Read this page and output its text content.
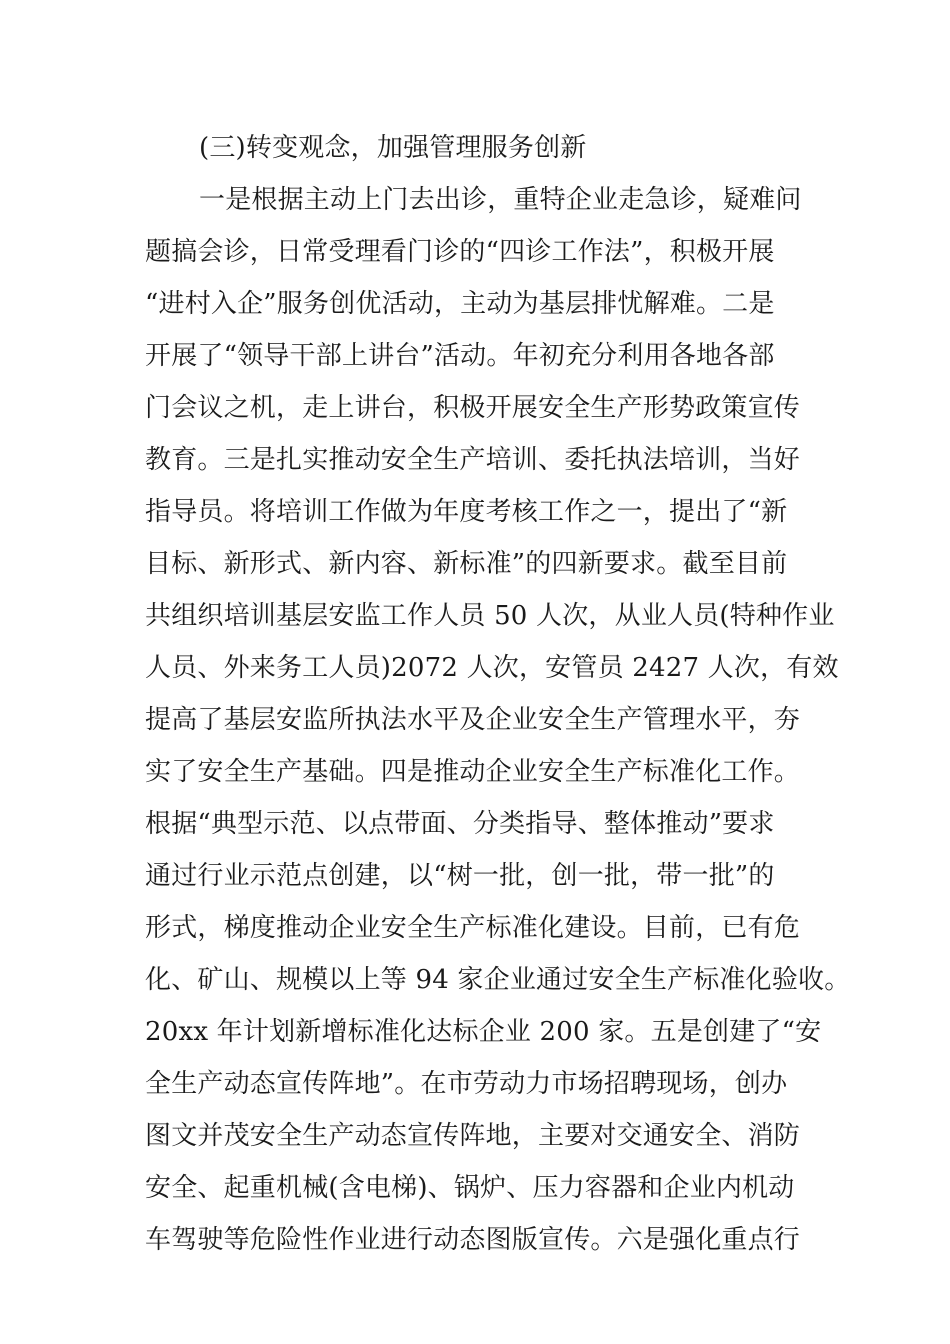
(三)转变观念，加强管理服务创新
一是根据主动上门去出诊，重特企业走急诊，疑难问
题搞会诊，日常受理看门诊的“四诊工作法”，积极开展
“进村入企”服务创优活动，主动为基层排忧解难。二是
开展了“领导干部上讲台”活动。年初充分利用各地各部
门会议之机，走上讲台，积极开展安全生产形势政策宣传
教育。三是扎实推动安全生产培训、委托执法培训，当好
指导员。将培训工作做为年度考核工作之一，提出了“新
目标、新形式、新内容、新标准”的四新要求。截至目前
共组织培训基层安监工作人员 50 人次，从业人员(特种作业
人员、外来务工人员)2072 人次，安管员 2427 人次，有效
提高了基层安监所执法水平及企业安全生产管理水平，夯
实了安全生产基础。四是推动企业安全生产标准化工作。
根据“典型示范、以点带面、分类指导、整体推动”要求
通过行业示范点创建，以“树一批，创一批，带一批”的
形式，梯度推动企业安全生产标准化建设。目前，已有危
化、矿山、规模以上等 94 家企业通过安全生产标准化验收。
20xx 年计划新增标准化达标企业 200 家。五是创建了“安
全生产动态宣传阵地”。在市劳动力市场招聘现场，创办
图文并茂安全生产动态宣传阵地，主要对交通安全、消防
安全、起重机械(含电梯)、锅炉、压力容器和企业内机动
车驾驶等危险性作业进行动态图版宣传。六是强化重点行
